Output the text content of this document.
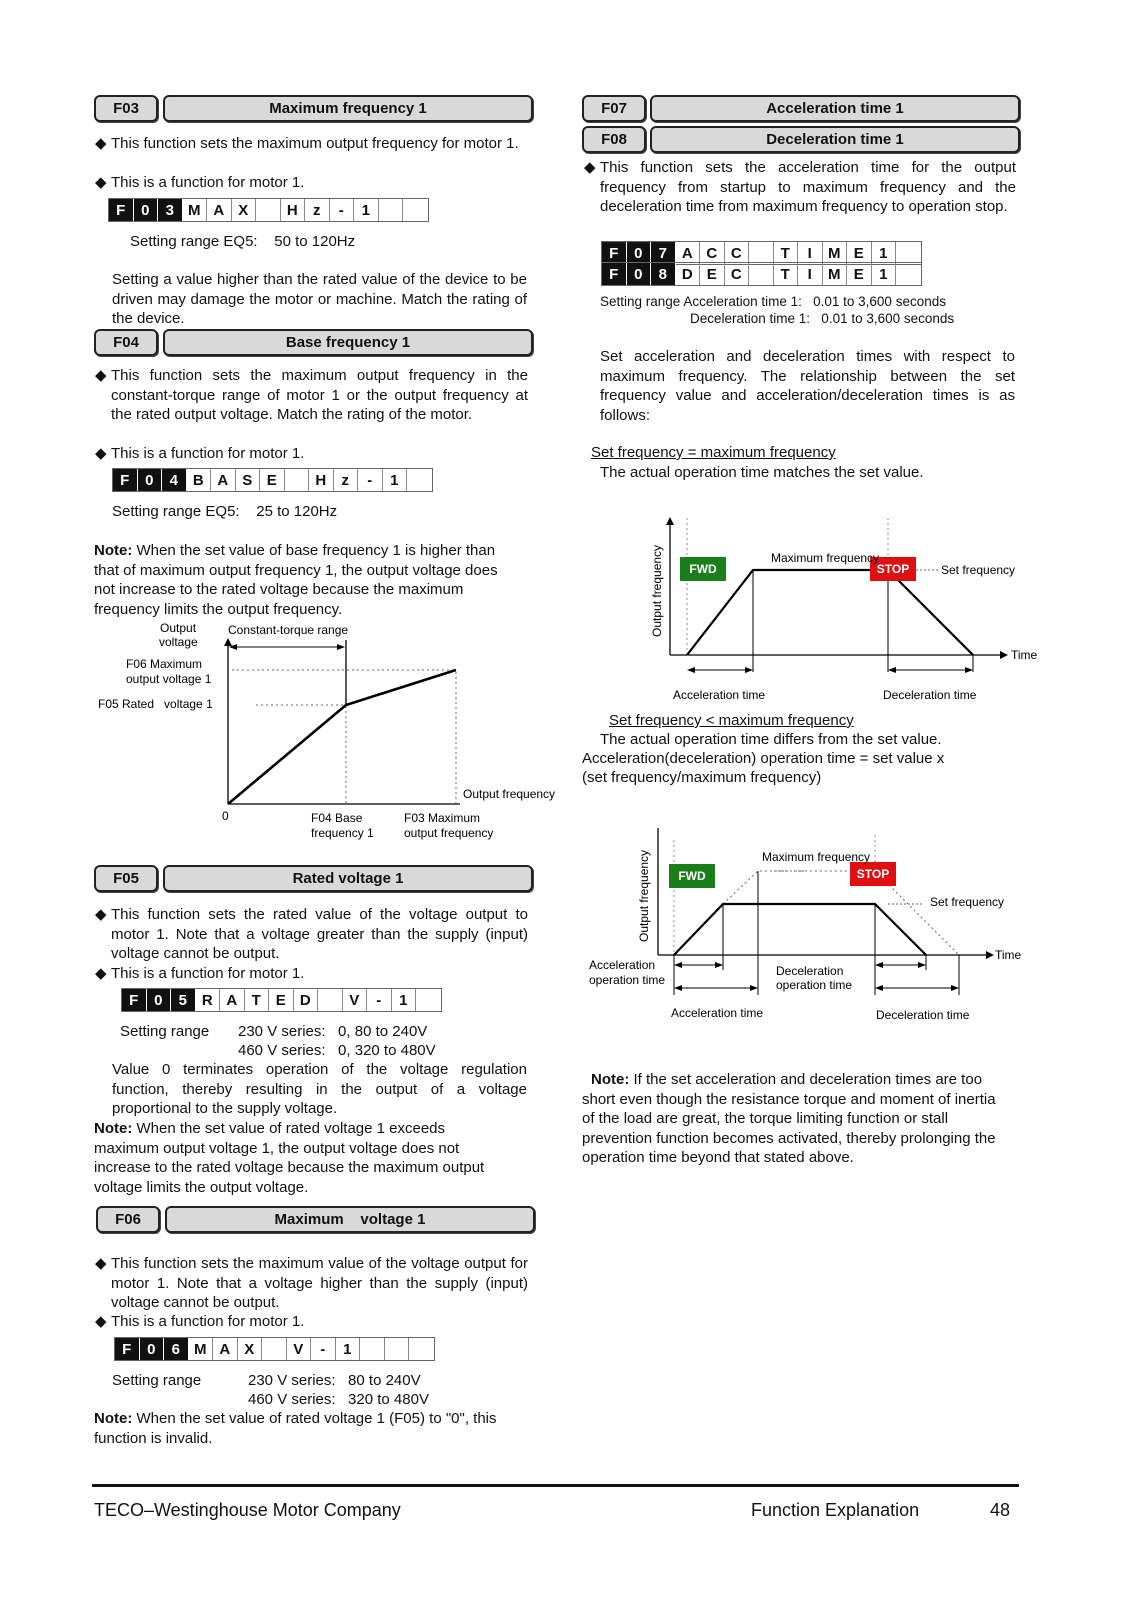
F03	Maximum frequency 1
◆ This function sets the maximum output frequency for motor 1.
◆ This is a function for motor 1.
F	0	3 M A X	H	z	-	1
Setting range EQ5:    50 to 120Hz
Setting a value higher than the rated value of the device to be driven may damage the motor or machine. Match the rating of the device.
F04	Base frequency 1
◆ This function sets the maximum output frequency in the constant-torque range of motor 1 or the output frequency at the rated output voltage. Match the rating of the motor.
◆ This is a function for motor 1.
F	0	4 B A S E	H	z	-	1
Setting range EQ5:    25 to 120Hz
Note: When the set value of base frequency 1 is higher than that of maximum output frequency 1, the output voltage does not increase to the rated voltage because the maximum frequency limits the output frequency.
Output
voltage
Constant-torque range
F06 Maximum
output voltage 1
F05 Rated   voltage 1
Output frequency
0	F04 Base
frequency 1
F03 Maximum
output frequency
F05	Rated voltage 1
◆ This function sets the rated value of the voltage output to motor 1. Note that a voltage greater than the supply (input) voltage cannot be output.
◆ This is a function for motor 1.
F	0	5 R A T E D	V	-	1
Setting range 230 V series:   0, 80 to 240V
460 V series:   0, 320 to 480V
Value 0 terminates operation of the voltage regulation function, thereby resulting in the output of a voltage proportional to the supply voltage.
Note: When the set value of rated voltage 1 exceeds maximum output voltage 1, the output voltage does not increase to the rated voltage because the maximum output voltage limits the output voltage.
F06	Maximum    voltage 1
◆ This function sets the maximum value of the voltage output for motor 1. Note that a voltage higher than the supply (input) voltage cannot be output.
◆ This is a function for motor 1.
F	0	6 M A X	V	-	1
Setting range	230 V series:   80 to 240V
460 V series:   320 to 480V
Note: When the set value of rated voltage 1 (F05) to "0", this function is invalid.
F07	Acceleration time 1
F08	Deceleration time 1
◆ This function sets the acceleration time for the output frequency from startup to maximum frequency and the deceleration time from maximum frequency to operation stop.
F	0	7 A C C	T	I	M E	1
F	0	8 D E C	T	I	M E	1
Setting range Acceleration time 1:   0.01 to 3,600 seconds
Deceleration time 1:   0.01 to 3,600 seconds
Set acceleration and deceleration times with respect to maximum frequency. The relationship between the set frequency value and acceleration/deceleration times is as follows:
Set frequency = maximum frequency
The actual operation time matches the set value.
Output frequency
Time
FWD	STOP
Maximum frequency
Set frequency
Acceleration time	Deceleration time
Set frequency < maximum frequency
The actual operation time differs from the set value.
Acceleration(deceleration) operation time = set value x
(set frequency/maximum frequency)
Output frequency
Time
FWD	STOP
Maximum frequency
Set frequency
Acceleration
operation time
Deceleration
operation time
Acceleration time	Deceleration time
Note: If the set acceleration and deceleration times are too short even though the resistance torque and moment of inertia of the load are great, the torque limiting function or stall prevention function becomes activated, thereby prolonging the operation time beyond that stated above.
TECO–Westinghouse Motor Company	Function Explanation	48
